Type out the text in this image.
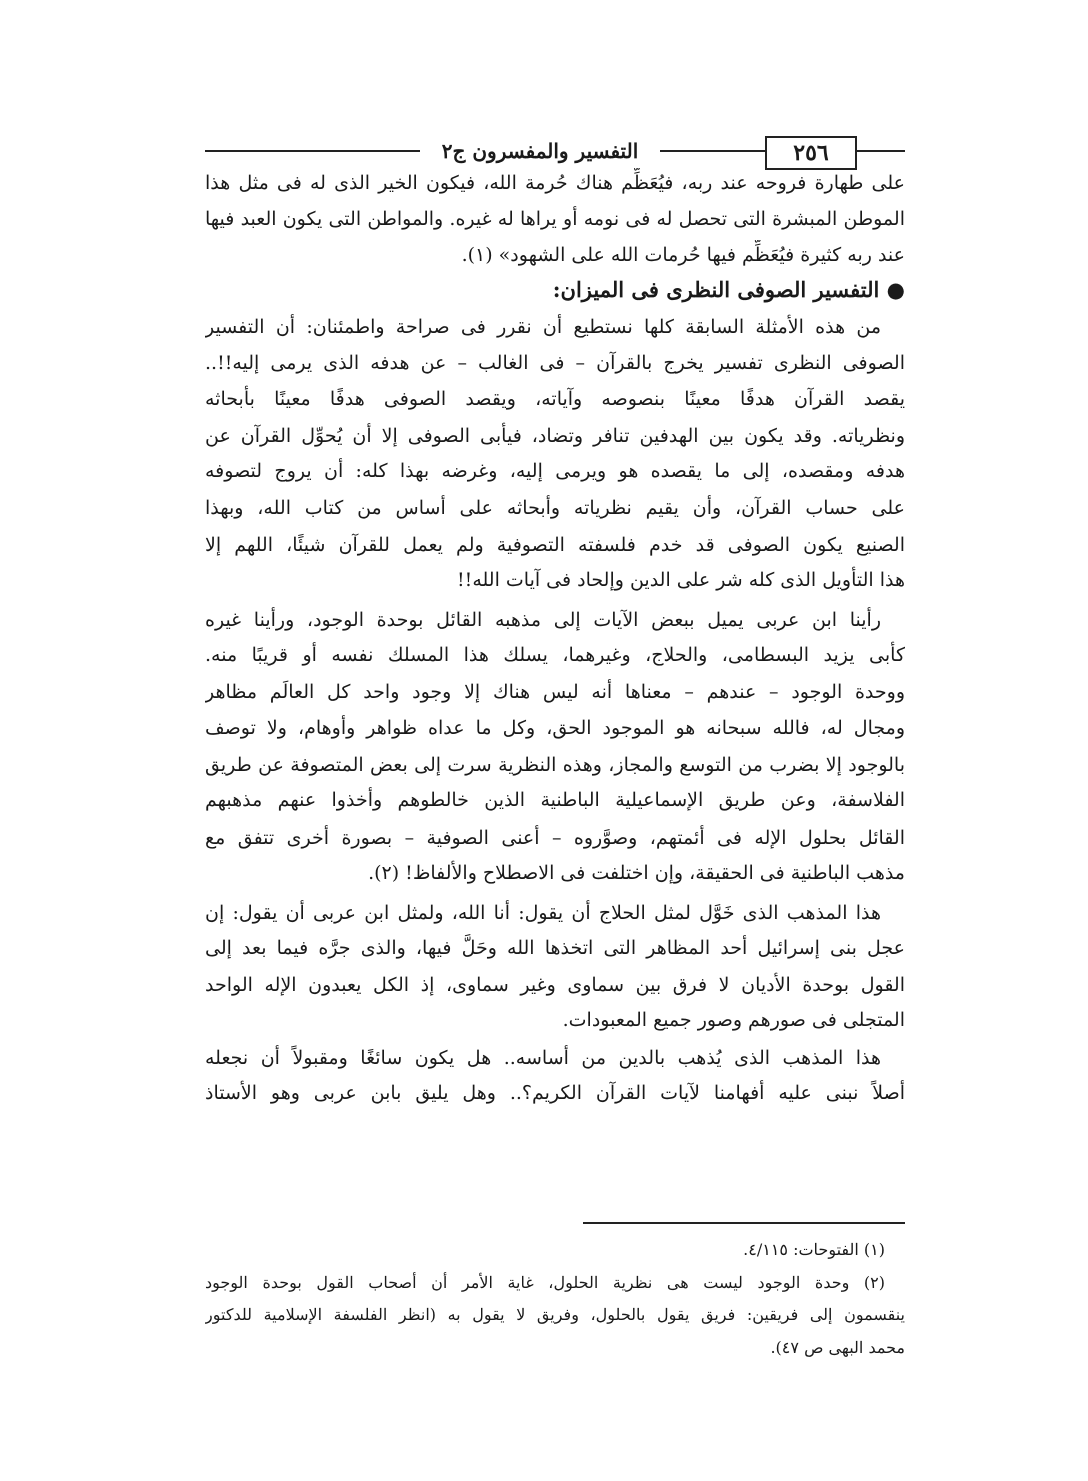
التفسير والمفسرون ج٢	٢٥٦
على طهارة فروحه عند ربه، فيُعَظِّم هناك حُرمة الله، فيكون الخير الذى له فى مثل هذا
الموطن المبشرة التى تحصل له فى نومه أو يراها له غيره. والمواطن التى يكون العبد فيها
عند ربه كثيرة فيُعَظِّم فيها حُرمات الله على الشهود» (١).
● التفسير الصوفى النظرى فى الميزان:
من هذه الأمثلة السابقة كلها نستطيع أن نقرر فى صراحة واطمئنان: أن التفسير
الصوفى النظرى تفسير يخرج بالقرآن – فى الغالب – عن هدفه الذى يرمى إليه!!..
يقصد القرآن هدفًا معينًا بنصوصه وآياته، ويقصد الصوفى هدفًا معينًا بأبحاثه
ونظرياته. وقد يكون بين الهدفين تنافر وتضاد، فيأبى الصوفى إلا أن يُحوِّل القرآن عن
هدفه ومقصده، إلى ما يقصده هو ويرمى إليه، وغرضه بهذا كله: أن يروج لتصوفه
على حساب القرآن، وأن يقيم نظرياته وأبحاثه على أساس من كتاب الله، وبهذا
الصنيع يكون الصوفى قد خدم فلسفته التصوفية ولم يعمل للقرآن شيئًا، اللهم إلا
هذا التأويل الذى كله شر على الدين وإلحاد فى آيات الله!!
رأينا ابن عربى يميل ببعض الآيات إلى مذهبه القائل بوحدة الوجود، ورأينا غيره
كأبى يزيد البسطامى، والحلاج، وغيرهما، يسلك هذا المسلك نفسه أو قريبًا منه.
ووحدة الوجود – عندهم – معناها أنه ليس هناك إلا وجود واحد كل العالَم مظاهر
ومجال له، فالله سبحانه هو الموجود الحق، وكل ما عداه ظواهر وأوهام، ولا توصف
بالوجود إلا بضرب من التوسع والمجاز، وهذه النظرية سرت إلى بعض المتصوفة عن طريق
الفلاسفة، وعن طريق الإسماعيلية الباطنية الذين خالطوهم وأخذوا عنهم مذهبهم
القائل بحلول الإله فى أئمتهم، وصوَّروه – أعنى الصوفية – بصورة أخرى تتفق مع
مذهب الباطنية فى الحقيقة، وإن اختلفت فى الاصطلاح والألفاظ! (٢).
هذا المذهب الذى خَوَّل لمثل الحلاج أن يقول: أنا الله، ولمثل ابن عربى أن يقول: إن
عجل بنى إسرائيل أحد المظاهر التى اتخذها الله وحَلَّ فيها، والذى جرَّه فيما بعد إلى
القول بوحدة الأديان لا فرق بين سماوى وغير سماوى، إذ الكل يعبدون الإله الواحد
المتجلى فى صورهم وصور جميع المعبودات.
هذا المذهب الذى يُذهب بالدين من أساسه.. هل يكون سائغًا ومقبولاً أن نجعله
أصلاً نبنى عليه أفهامنا لآيات القرآن الكريم؟.. وهل يليق بابن عربى وهو الأستاذ
(١) الفتوحات: ٤/١١٥.
(٢) وحدة الوجود ليست هى نظرية الحلول، غاية الأمر أن أصحاب القول بوحدة الوجود
ينقسمون إلى فريقين: فريق يقول بالحلول، وفريق لا يقول به (انظر الفلسفة الإسلامية للدكتور
محمد البهى ص ٤٧).
